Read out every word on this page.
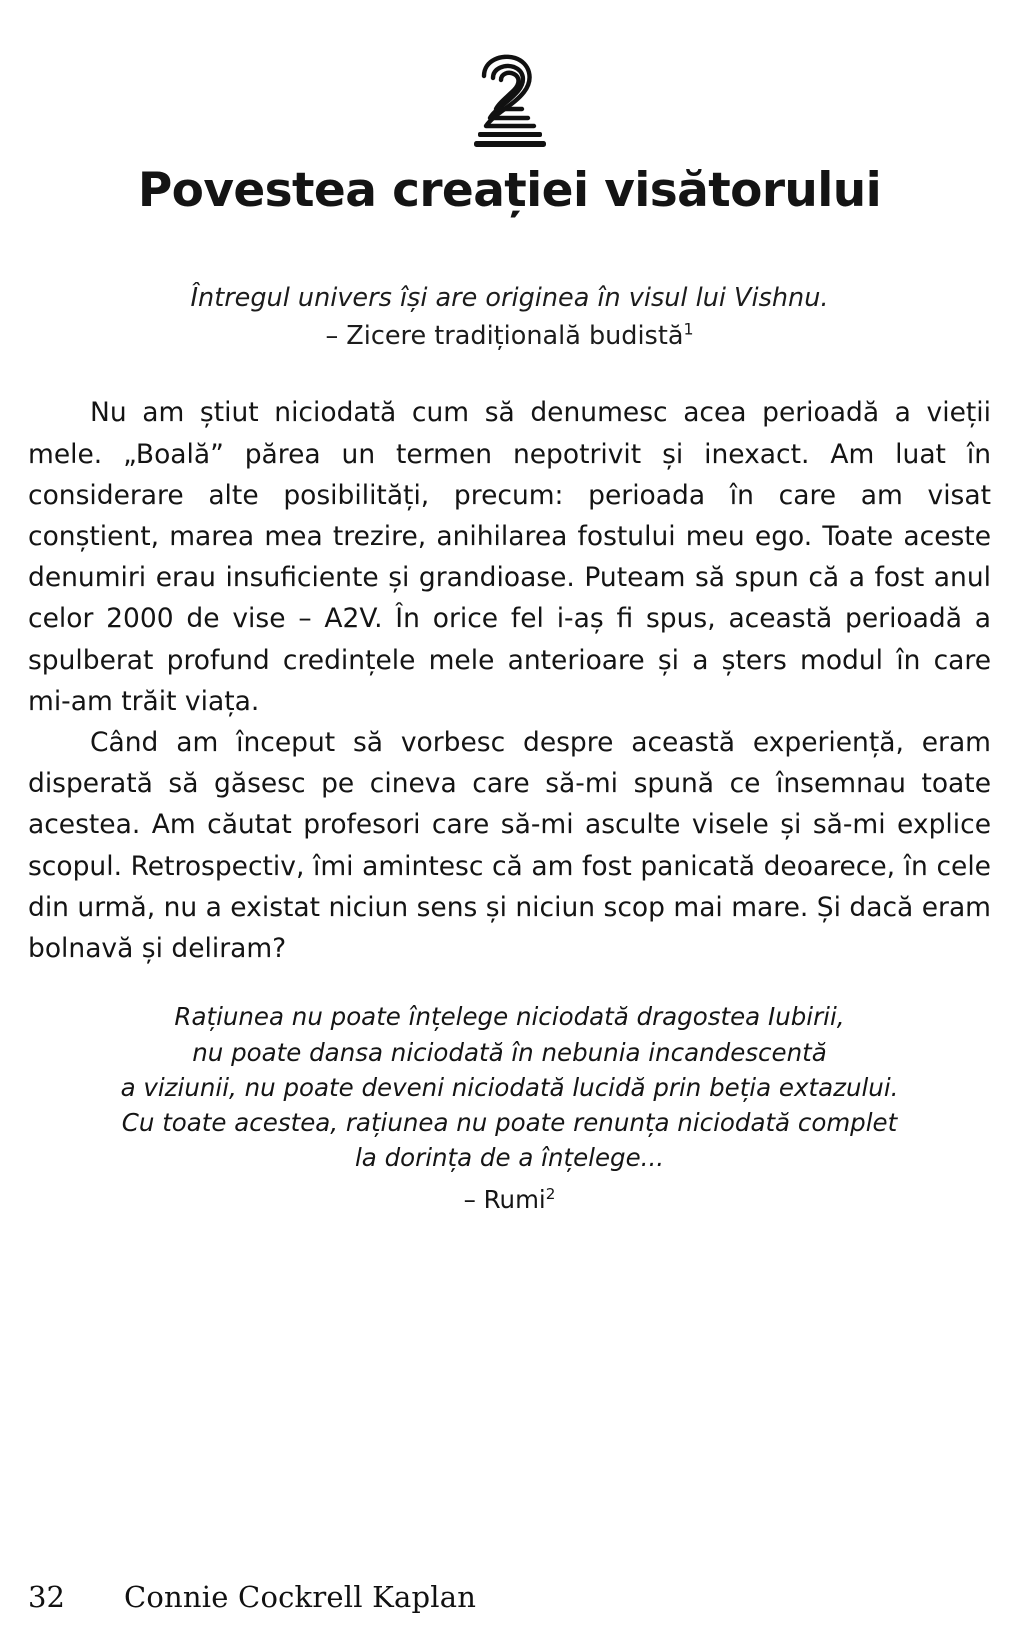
Povestea creației visătorului
Întregul univers își are originea în visul lui Vishnu.
– Zicere tradițională budistă$^1$

Nu am știut niciodată cum să denumesc acea perioadă a vieții mele. „Boală” părea un termen nepotrivit și inexact. Am luat în considerare alte posibilități, precum: perioada în care am visat conștient, marea mea trezire, anihilarea fostului meu ego. Toate aceste denumiri erau insuficiente și grandioase. Puteam să spun că a fost anul celor 2000 de vise – A2V. În orice fel i-aș fi spus, această perioadă a spulberat profund credințele mele anterioare și a șters modul în care mi-am trăit viața.

Când am început să vorbesc despre această experiență, eram disperată să găsesc pe cineva care să-mi spună ce însemnau toate acestea. Am căutat profesori care să-mi asculte visele și să-mi explice scopul. Retrospectiv, îmi amintesc că am fost panicată deoarece, în cele din urmă, nu a existat niciun sens și niciun scop mai mare. Și dacă eram bolnavă și deliram?

Rațiunea nu poate înțelege niciodată dragostea Iubirii,
nu poate dansa niciodată în nebunia incandescentă
a viziunii, nu poate deveni niciodată lucidă prin beția extazului.
Cu toate acestea, rațiunea nu poate renunța niciodată complet
la dorința de a înțelege...
– Rumi$^2$
32	Connie Cockrell Kaplan
